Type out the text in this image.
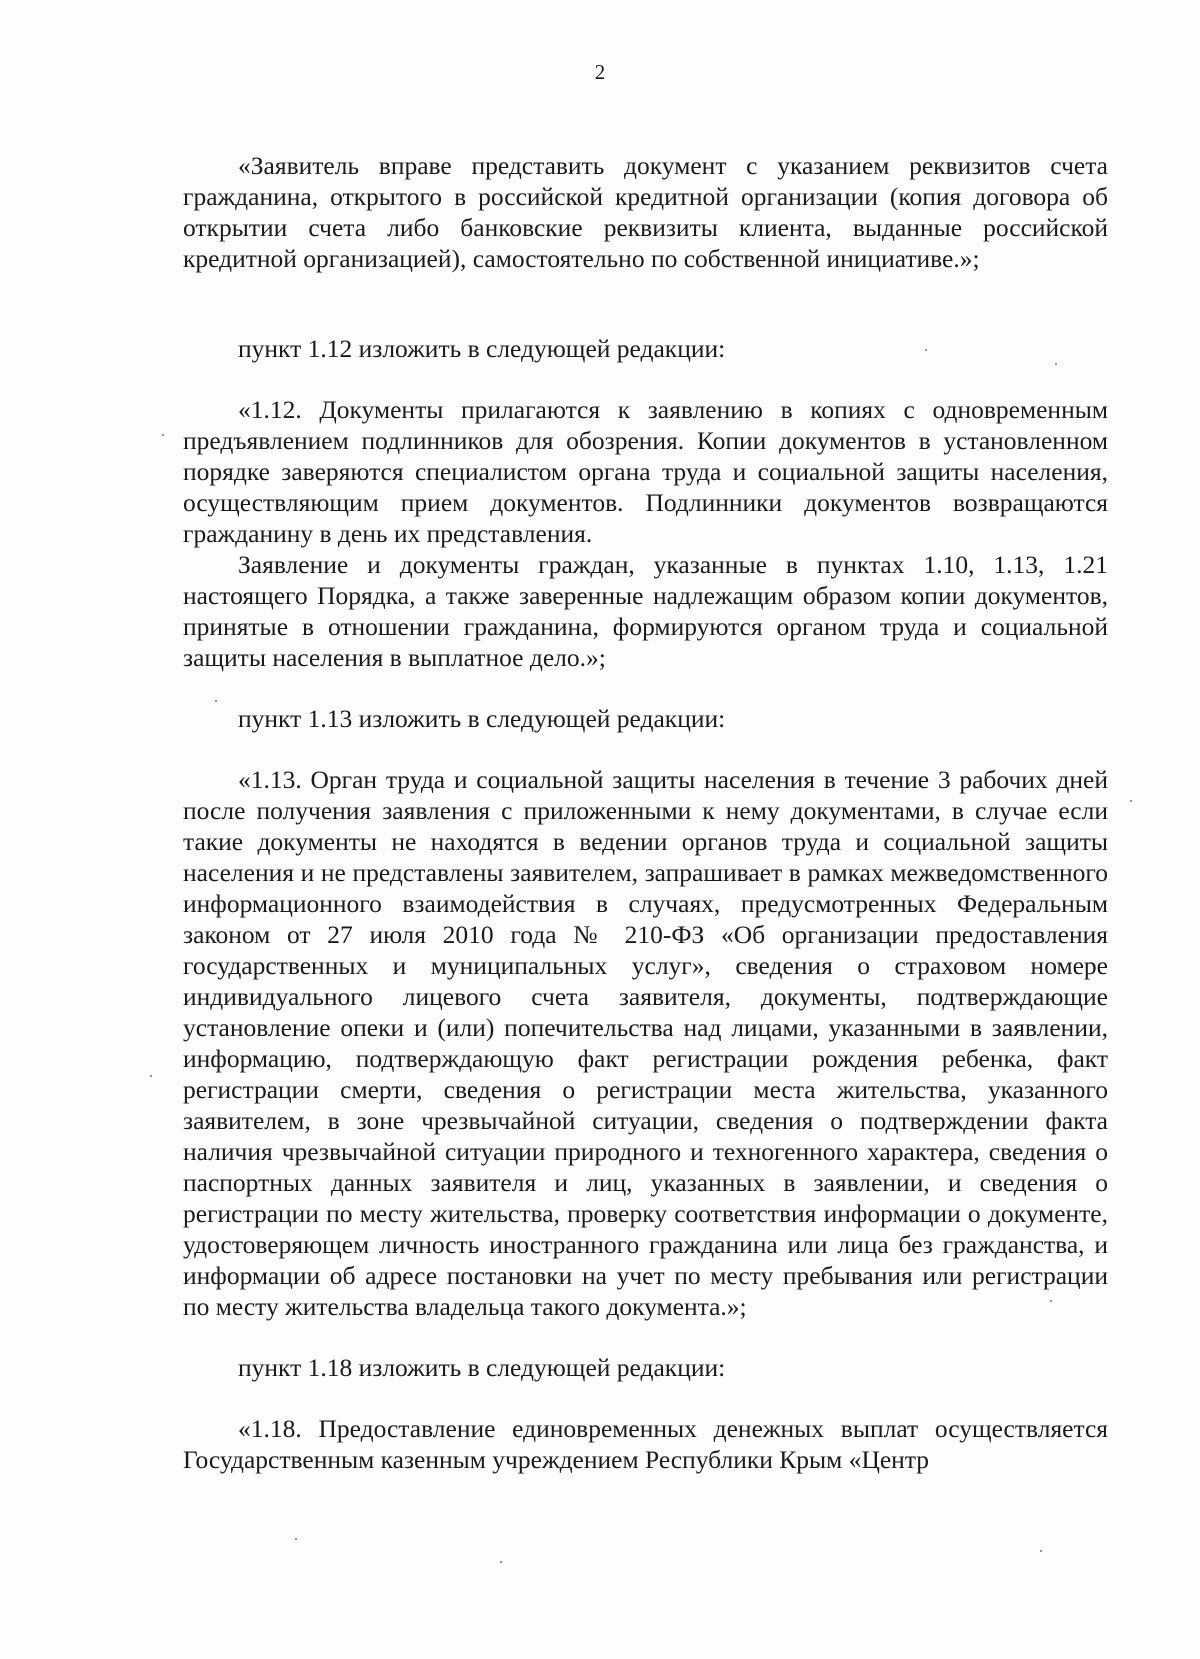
2

«Заявитель вправе представить документ с указанием реквизитов счета гражданина, открытого в российской кредитной организации (копия договора об открытии счета либо банковские реквизиты клиента, выданные российской кредитной организацией), самостоятельно по собственной инициативе.»;

пункт 1.12 изложить в следующей редакции:

«1.12. Документы прилагаются к заявлению в копиях с одновременным предъявлением подлинников для обозрения. Копии документов в установленном порядке заверяются специалистом органа труда и социальной защиты населения, осуществляющим прием документов. Подлинники документов возвращаются гражданину в день их представления.

Заявление и документы граждан, указанные в пунктах 1.10, 1.13, 1.21 настоящего Порядка, а также заверенные надлежащим образом копии документов, принятые в отношении гражданина, формируются органом труда и социальной защиты населения в выплатное дело.»;

пункт 1.13 изложить в следующей редакции:

«1.13. Орган труда и социальной защиты населения в течение 3 рабочих дней после получения заявления с приложенными к нему документами, в случае если такие документы не находятся в ведении органов труда и социальной защиты населения и не представлены заявителем, запрашивает в рамках межведомственного информационного взаимодействия в случаях, предусмотренных Федеральным законом от 27 июля 2010 года № 210-ФЗ «Об организации предоставления государственных и муниципальных услуг», сведения о страховом номере индивидуального лицевого счета заявителя, документы, подтверждающие установление опеки и (или) попечительства над лицами, указанными в заявлении, информацию, подтверждающую факт регистрации рождения ребенка, факт регистрации смерти, сведения о регистрации места жительства, указанного заявителем, в зоне чрезвычайной ситуации, сведения о подтверждении факта наличия чрезвычайной ситуации природного и техногенного характера, сведения о паспортных данных заявителя и лиц, указанных в заявлении, и сведения о регистрации по месту жительства, проверку соответствия информации о документе, удостоверяющем личность иностранного гражданина или лица без гражданства, и информации об адресе постановки на учет по месту пребывания или регистрации по месту жительства владельца такого документа.»;

пункт 1.18 изложить в следующей редакции:

«1.18. Предоставление единовременных денежных выплат осуществляется Государственным казенным учреждением Республики Крым «Центр
